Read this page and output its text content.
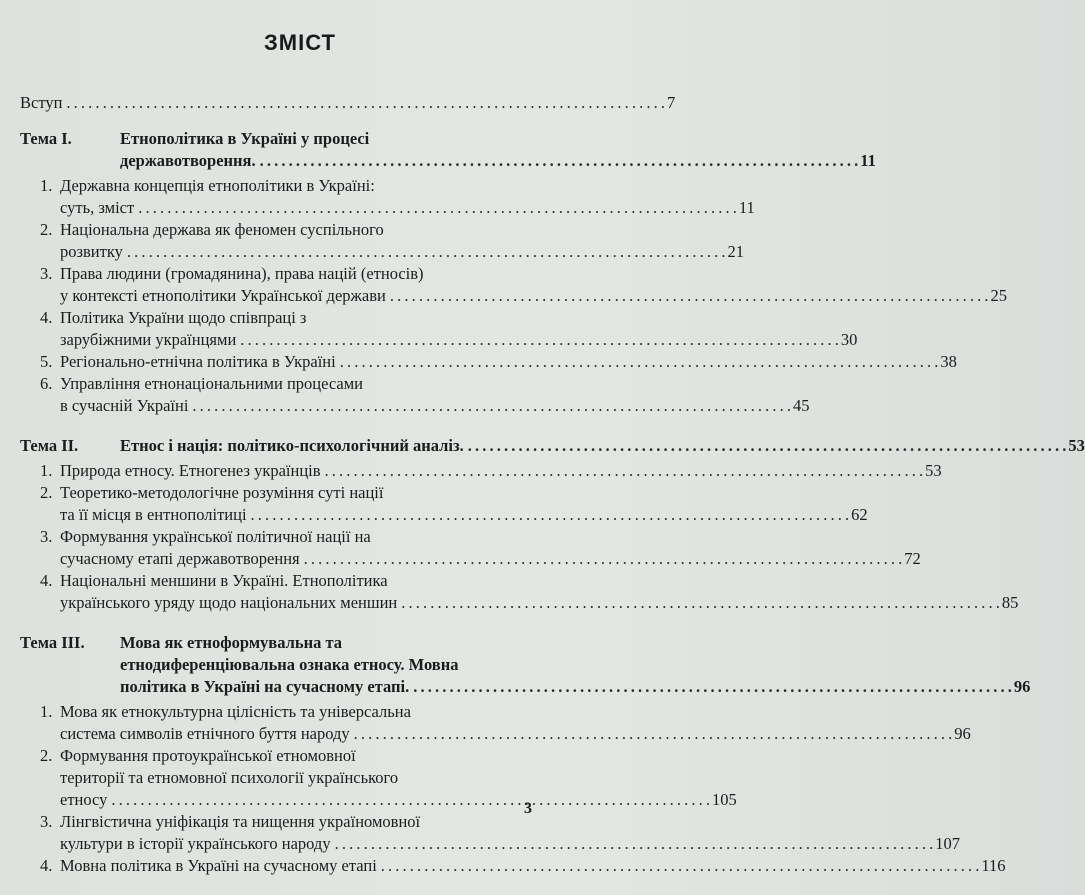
ЗМІСТ
Вступ . . .	7
Тема I.	Етнополітика в Україні у процесі
державотворення. . . .	11
1. Державна концепція етнополітики в Україні:
суть, зміст . . .	11
2. Національна держава як феномен суспільного
розвитку . . .	21
3. Права людини (громадянина), права націй (етносів)
у контексті етнополітики Української держави . . .	25
4. Політика України щодо співпраці з
зарубіжними українцями . . .	30
5. Регіонально-етнічна політика в Україні . . .	38
6. Управління етнонаціональними процесами
в сучасній Україні . . .	45
Тема II.	Етнос і нація: політико-психологічний аналіз. . . .	53
1. Природа етносу. Етногенез українців . . .	53
2. Теоретико-методологічне розуміння суті нації
та її місця в ентнополітиці . . .	62
3. Формування української політичної нації на
сучасному етапі державотворення . . .	72
4. Національні меншини в Україні. Етнополітика
українського уряду щодо національних меншин . . .	85
Тема III.	Мова як етноформувальна та
етнодиференціювальна ознака етносу. Мовна
політика в Україні на сучасному етапі. . . .	96
1. Мова як етнокультурна цілісність та універсальна
система символів етнічного буття народу . . .	96
2. Формування протоукраїнської етномовної
території та етномовної психології українського
етносу . . .	105
3. Лінгвістична уніфікація та нищення україномовної
культури в історії українського народу . . .	107
4. Мовна політика в Україні на сучасному етапі . . .	116
3
